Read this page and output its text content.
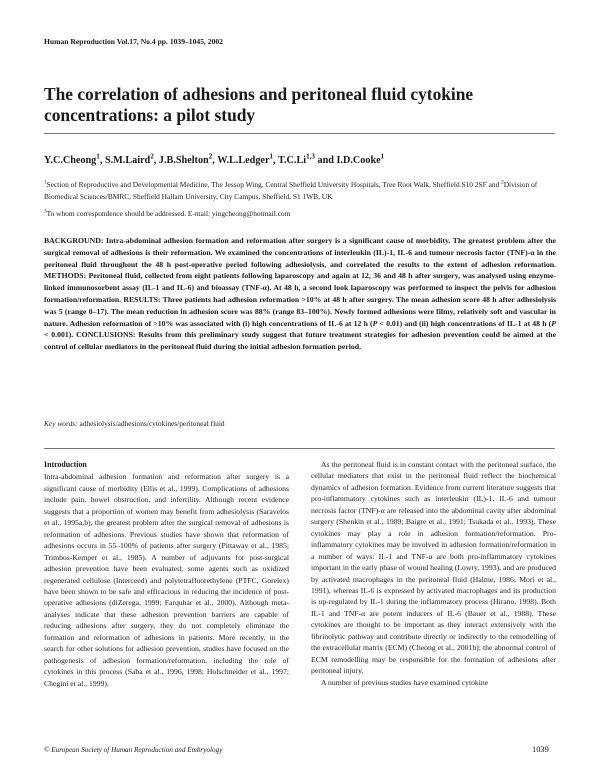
Human Reproduction Vol.17, No.4 pp. 1039–1045, 2002
The correlation of adhesions and peritoneal fluid cytokine concentrations: a pilot study
Y.C.Cheong$^1$, S.M.Laird$^2$, J.B.Shelton$^2$, W.L.Ledger$^1$, T.C.Li$^{1,3}$ and I.D.Cooke$^1$
$^1$Section of Reproductive and Developmental Medicine, The Jessop Wing, Central Sheffield University Hospitals, Tree Root Walk, Sheffield S10 2SF and $^2$Division of Biomedical Sciences/BMRC, Sheffield Hallam University, City Campus, Sheffield, S1 1WB, UK
$^3$To whom correspondence should be addressed. E-mail: yingcheong@hotmail.com

BACKGROUND: Intra-abdominal adhesion formation and reformation after surgery is a significant cause of morbidity. The greatest problem after the surgical removal of adhesions is their reformation. We examined the concentrations of interleukin (IL)-1, IL-6 and tumour necrosis factor (TNF)-α in the peritoneal fluid throughout the 48 h post-operative period following adhesiolysis, and correlated the results to the extent of adhesion reformation. METHODS: Peritoneal fluid, collected from eight patients following laparoscopy and again at 12, 36 and 48 h after surgery, was analysed using enzyme-linked immunosorbent assay (IL-1 and IL-6) and bioassay (TNF-α). At 48 h, a second look laparoscopy was performed to inspect the pelvis for adhesion formation/reformation. RESULTS: Three patients had adhesion reformation >10% at 48 h after surgery. The mean adhesion score 48 h after adhesiolysis was 5 (range 0–17). The mean reduction in adhesion score was 88% (range 83–100%). Newly formed adhesions were filmy, relatively soft and vascular in nature. Adhesion reformation of >10% was associated with (i) high concentrations of IL-6 at 12 h (P < 0.01) and (ii) high concentrations of IL-1 at 48 h (P < 0.001). CONCLUSIONS: Results from this preliminary study suggest that future treatment strategies for adhesion prevention could be aimed at the control of cellular mediators in the peritoneal fluid during the initial adhesion formation period.

Key words: adhesiolysis/adhesions/cytokines/peritoneal fluid
Introduction

Intra-abdominal adhesion formation and reformation after surgery is a significant cause of morbidity (Ellis et al., 1999). Complications of adhesions include pain, bowel obstruction, and infertility. Although recent evidence suggests that a proportion of women may benefit from adhesiolysis (Saravelos et al., 1995a,b), the greatest problem after the surgical removal of adhesions is reformation of adhesions. Previous studies have shown that reformation of adhesions occurs in 55–100% of patients after surgery (Pittaway et al., 1985; Trimbos-Kemper et al., 1985). A number of adjuvants for post-surgical adhesion prevention have been evaluated; some agents such as oxidized regenerated cellulose (Interceed) and polytetrafluorethylene (PTFC, Gorelex) have been shown to be safe and efficacious in reducing the incidence of post-operative adhesions (diZerega, 1999; Farquhar et al., 2000). Although meta-analyses indicate that these adhesion prevention barriers are capable of reducing adhesions after surgery, they do not completely eliminate the formation and reformation of adhesions in patients. More recently, in the search for other solutions for adhesion prevention, studies have focused on the pathogenesis of adhesion formation/reformation, including the role of cytokines in this process (Saba et al., 1996, 1998; Holschneider et al., 1997; Chegini et al., 1999).

As the peritoneal fluid is in constant contact with the peritoneal surface, the cellular mediators that exist in the peritoneal fluid reflect the biochemical dynamics of adhesion formation. Evidence from current literature suggests that pro-inflammatory cytokines such as interleukin (IL)-1, IL-6 and tumour necrosis factor (TNF)-α are released into the abdominal cavity after abdominal surgery (Shenkin et al., 1989; Baigre et al., 1991; Tsukada et al., 1993). These cytokines may play a role in adhesion formation/reformation. Pro-inflammatory cytokines may be involved in adhesion formation/reformation in a number of ways: IL-1 and TNF-α are both pro-inflammatory cytokines important in the early phase of wound healing (Lowry, 1993), and are produced by activated macrophages in the peritoneal fluid (Halme, 1986; Mori et al., 1991), whereas IL-6 is expressed by activated macrophages and its production is up-regulated by IL-1 during the inflammatory process (Hirano, 1998). Both IL-1 and TNF-α are potent inducers of IL-6 (Bauer et al., 1988). These cytokines are thought to be important as they interact extensively with the fibrinolytic pathway and contribute directly or indirectly to the remodelling of the extracellular matrix (ECM) (Cheong et al., 2001b); the abnormal control of ECM remodelling may be responsible for the formation of adhesions after peritoneal injury.

A number of previous studies have examined cytokine

© European Society of Human Reproduction and Embryology	1039
